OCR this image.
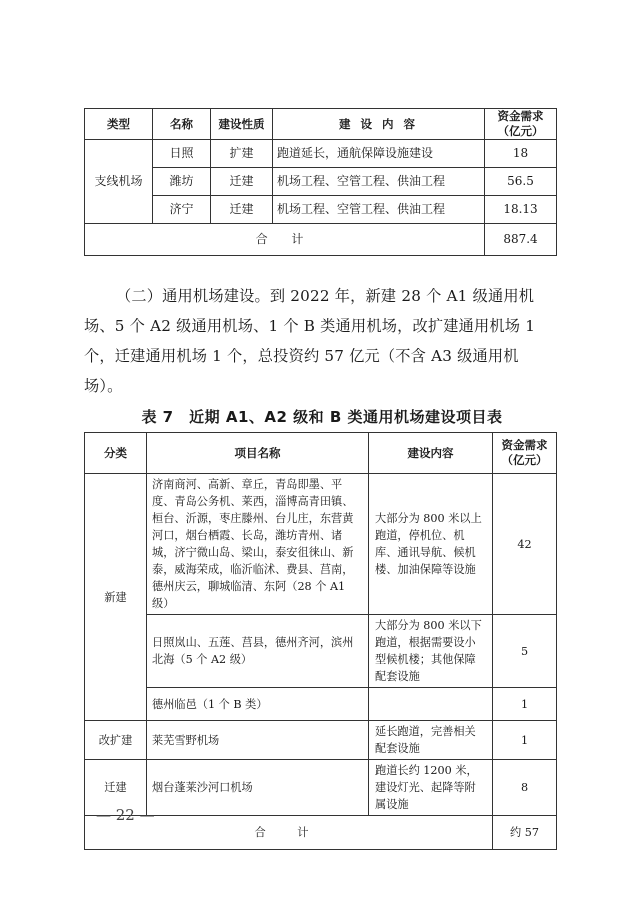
类型	名称	建设性质	建 设 内 容	资金需求
（亿元）
支线机场	日照	扩建	跑道延长，通航保障设施建设	18
	潍坊	迁建	机场工程、空管工程、供油工程	56.5
	济宁	迁建	机场工程、空管工程、供油工程	18.13
合 计				887.4
（二）通用机场建设。到 2022 年，新建 28 个 A1 级通用机
场、5 个 A2 级通用机场、1 个 B 类通用机场，改扩建通用机场 1
个，迁建通用机场 1 个，总投资约 57 亿元（不含 A3 级通用机
场）。
表 7　近期 A1、A2 级和 B 类通用机场建设项目表
分类	项目名称	建设内容	资金需求
（亿元）
新建	济南商河、高新、章丘，青岛即墨、平度、青岛公务机、莱西，淄博高青田镇、桓台、沂源，枣庄滕州、台儿庄，东营黄河口，烟台栖霞、长岛，潍坊青州、诸城，济宁微山岛、梁山，泰安徂徕山、新泰，威海荣成，临沂临沭、费县、莒南，德州庆云，聊城临清、东阿（28 个 A1 级）	大部分为 800 米以上跑道，停机位、机库、通讯导航、候机楼、加油保障等设施	42
	日照岚山、五莲、莒县，德州齐河，滨州北海（5 个 A2 级）	大部分为 800 米以下跑道，根据需要设小型候机楼；其他保障配套设施	5
	德州临邑（1 个 B 类）		1
改扩建	莱芜雪野机场	延长跑道，完善相关配套设施	1
迁建	烟台蓬莱沙河口机场	跑道长约 1200 米，建设灯光、起降等附属设施	8
合 计			约 57
— 22 —
